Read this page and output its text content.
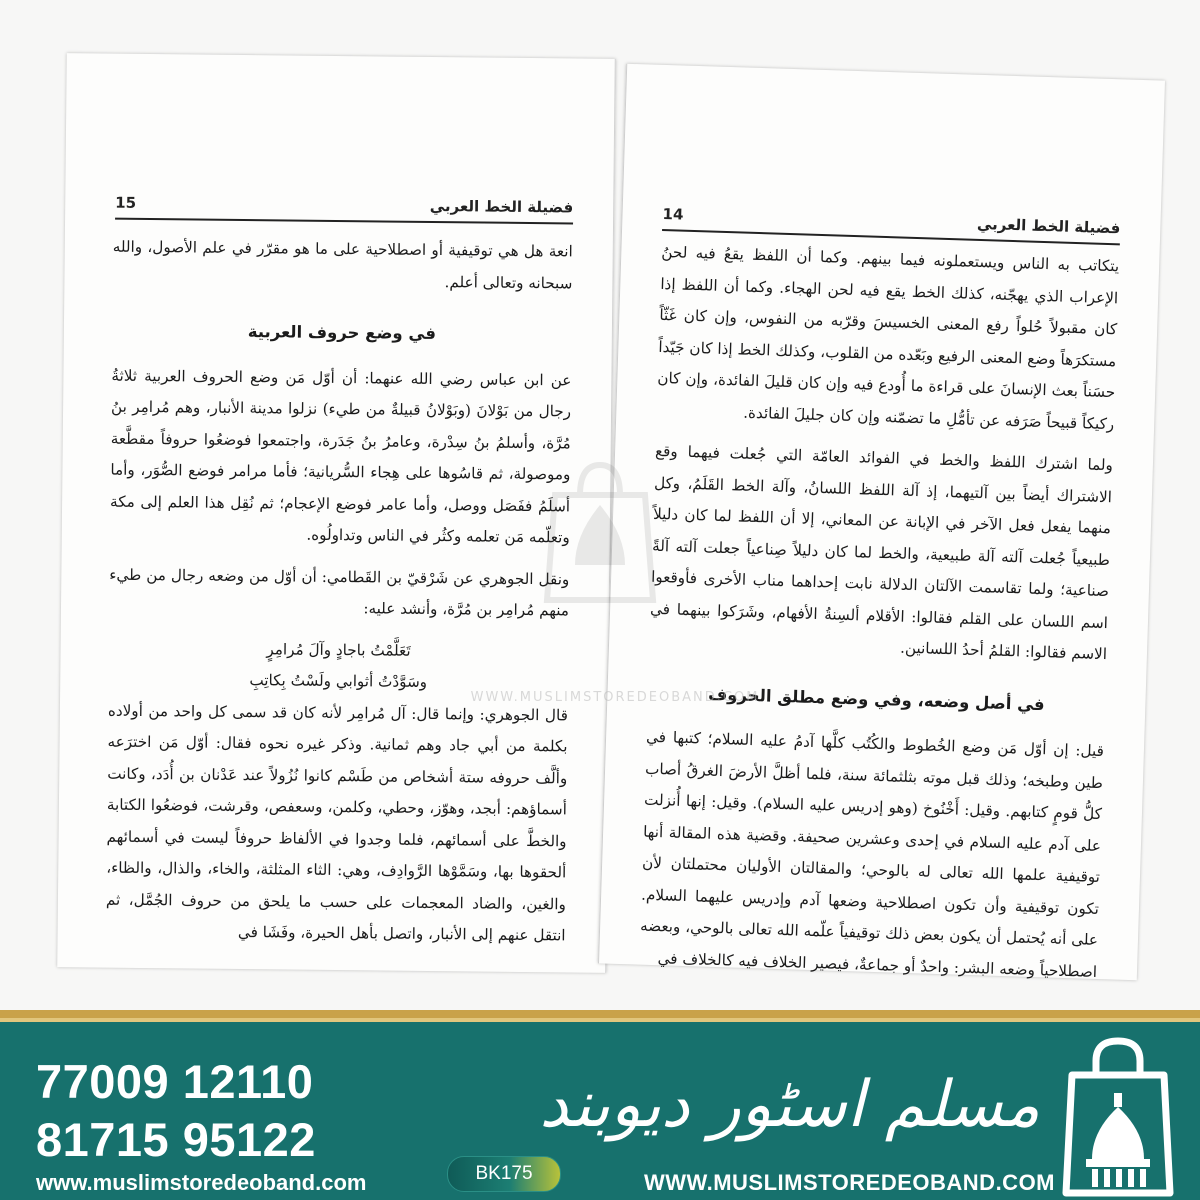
فضيلة الخط العربي
15

انعة هل هي توقيفية أو اصطلاحية على ما هو مقرّر في علم الأصول، والله سبحانه وتعالى أعلم.

في وضع حروف العربية

عن ابن عباس رضي الله عنهما: أن أوّل مَن وضع الحروف العربية ثلاثةُ رجال من بَوْلانَ (وبَوْلانُ قبيلةٌ من طيء) نزلوا مدينة الأنبار، وهم مُرامِر بنُ مُرَّة، وأسلمُ بنُ سِدْرة، وعامرُ بنُ جَدَرة، واجتمعوا فوضعُوا حروفاً مقطَّعة وموصولة، ثم قاسُوها على هِجاء السُّريانية؛ فأما مرامر فوضع الصُّوَر، وأما أسلَمُ ففَصَل ووصل، وأما عامر فوضع الإعجام؛ ثم نُقِل هذا العلم إلى مكة وتعلّمه مَن تعلمه وكثُر في الناس وتداولُوه.

ونقل الجوهري عن شَرْقيّ بن القَطامي: أن أوّل من وضعه رجال من طيء منهم مُرامِر بن مُرَّة، وأنشد عليه:

تَعَلَّمْتُ باجادٍ وآلَ مُرامِرٍ

وسَوَّدْتُ أثوابي ولَسْتُ بِكاتِبِ

قال الجوهري: وإنما قال: آل مُرامِر لأنه كان قد سمى كل واحد من أولاده بكلمة من أبي جاد وهم ثمانية. وذكر غيره نحوه فقال: أوّل مَن اخترَعه وألَّف حروفه ستة أشخاص من طَسْم كانوا نُزُولاً عند عَدْنان بن أُدَد، وكانت أسماؤهم: أبجد، وهوّز، وحطي، وكلمن، وسعفص، وقرشت، فوضعُوا الكتابة والخطَّ على أسمائهم، فلما وجدوا في الألفاظ حروفاً ليست في أسمائهم ألحقوها بها، وسَمَّوْها الرَّوادِف، وهي: الثاء المثلثة، والخاء، والذال، والظاء، والغين، والضاد المعجمات على حسب ما يلحق من حروف الجُمَّل، ثم انتقل عنهم إلى الأنبار، واتصل بأهل الحيرة، وفَشَا في

فضيلة الخط العربي
14

يتكاتب به الناس ويستعملونه فيما بينهم. وكما أن اللفظ يقعُ فيه لحنُ الإعراب الذي يهجّنه، كذلك الخط يقع فيه لحن الهجاء. وكما أن اللفظ إذا كان مقبولاً حُلواً رفع المعنى الخسيسَ وقرّبه من النفوس، وإن كان غَثّاً مستكرَهاً وضع المعنى الرفيع وبَعّده من القلوب، وكذلك الخط إذا كان جَيّداً حسَناً بعث الإنسانَ على قراءة ما أُودع فيه وإن كان قليلَ الفائدة، وإن كان ركيكاً قبيحاً صَرَفه عن تأمُّلِ ما تضمّنه وإن كان جليلَ الفائدة.

ولما اشترك اللفظ والخط في الفوائد العامّة التي جُعلت فيهما وقع الاشتراك أيضاً بين آلتيهما، إذ آلة اللفظ اللسانُ، وآلة الخط القَلَمُ، وكل منهما يفعل فعل الآخر في الإبانة عن المعاني، إلا أن اللفظ لما كان دليلاً طبيعياً جُعلت آلته آلة طبيعية، والخط لما كان دليلاً صِناعياً جعلت آلته آلةً صناعية؛ ولما تقاسمت الآلتان الدلالة نابت إحداهما مناب الأخرى فأوقعوا اسم اللسان على القلم فقالوا: الأقلام ألسِنةُ الأفهام، وشَرَكوا بينهما في الاسم فقالوا: القلمُ أحدُ اللسانين.

في أصل وضعه، وفي وضع مطلق الحروف

قيل: إن أوّل مَن وضع الخُطوط والكُتُب كلَّها آدمُ عليه السلام؛ كتبها في طين وطبخه؛ وذلك قبل موته بثلثمائة سنة، فلما أظلَّ الأرضَ الغرقُ أصاب كلُّ قومٍ كتابهم. وقيل: أَخْنُوخ (وهو إدريس عليه السلام). وقيل: إنها أُنزلت على آدم عليه السلام في إحدى وعشرين صحيفة. وقضية هذه المقالة أنها توقيفية علمها الله تعالى له بالوحي؛ والمقالتان الأوليان محتملتان لأن تكون توقيفية وأن تكون اصطلاحية وضعها آدم وإدريس عليهما السلام. على أنه يُحتمل أن يكون بعض ذلك توقيفياً علّمه الله تعالى بالوحي، وبعضه اصطلاحياً وضعه البشر: واحدٌ أو جماعةٌ، فيصير الخلاف فيه كالخلاف في

WWW.MUSLIMSTOREDEOBAND.COM
77009 12110
81715 95122
www.muslimstoredeoband.com	BK175
مسلم اسٹور دیوبند
WWW.MUSLIMSTOREDEOBAND.COM
